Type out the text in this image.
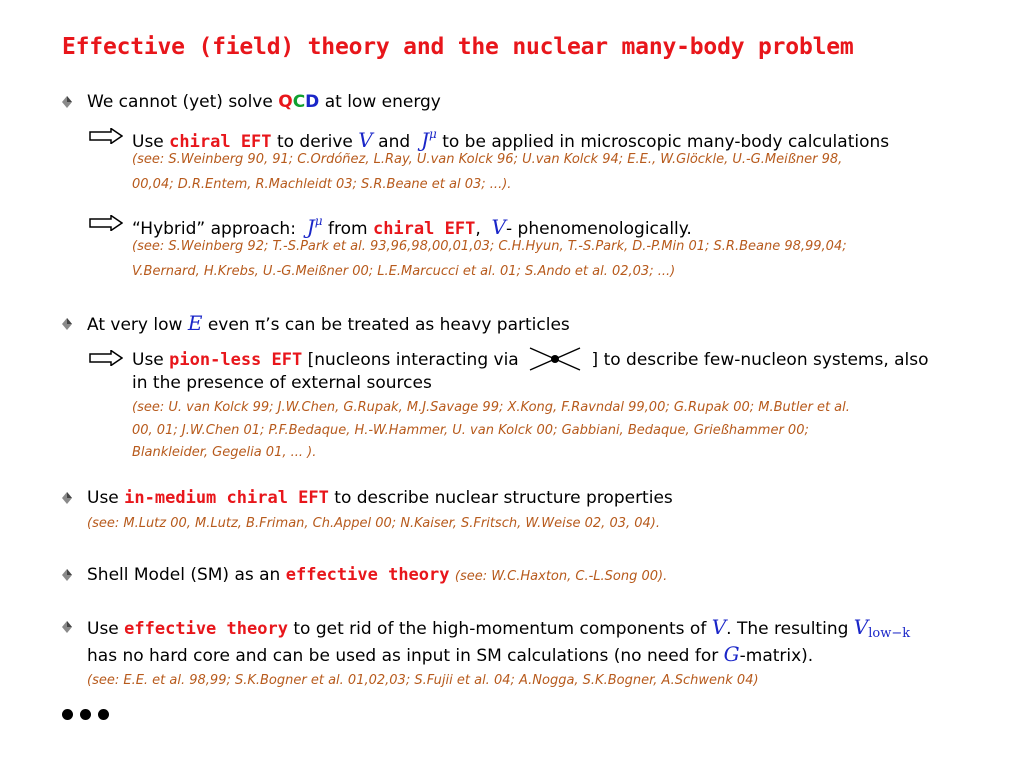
Effective (field) theory and the nuclear many-body problem
We cannot (yet) solve QCD at low energy
Use chiral EFT to derive V and $J^\mu$ to be applied in microscopic many-body calculations
(see: S.Weinberg 90, 91; C.Ordóñez, L.Ray, U.van Kolck 96; U.van Kolck 94; E.E., W.Glöckle, U.-G.Meißner 98,
00,04; D.R.Entem, R.Machleidt 03; S.R.Beane et al 03; ...).
“Hybrid” approach: $J^\mu$ from chiral EFT, V- phenomenologically.
(see: S.Weinberg 92; T.-S.Park et al. 93,96,98,00,01,03; C.H.Hyun, T.-S.Park, D.-P.Min 01; S.R.Beane 98,99,04;
V.Bernard, H.Krebs, U.-G.Meißner 00; L.E.Marcucci et al. 01; S.Ando et al. 02,03; ...)
At very low E even π’s can be treated as heavy particles
Use pion-less EFT [nucleons interacting via	] to describe few-nucleon systems, also
in the presence of external sources
(see: U. van Kolck 99; J.W.Chen, G.Rupak, M.J.Savage 99; X.Kong, F.Ravndal 99,00; G.Rupak 00; M.Butler et al.
00, 01; J.W.Chen 01; P.F.Bedaque, H.-W.Hammer, U. van Kolck 00; Gabbiani, Bedaque, Grießhammer 00;
Blankleider, Gegelia 01, ... ).
Use in-medium chiral EFT to describe nuclear structure properties
(see: M.Lutz 00, M.Lutz, B.Friman, Ch.Appel 00; N.Kaiser, S.Fritsch, W.Weise 02, 03, 04).
Shell Model (SM) as an effective theory (see: W.C.Haxton, C.-L.Song 00).
Use effective theory to get rid of the high-momentum components of V. The resulting $V_{low-k}$
has no hard core and can be used as input in SM calculations (no need for G-matrix).
(see: E.E. et al. 98,99; S.K.Bogner et al. 01,02,03; S.Fujii et al. 04; A.Nogga, S.K.Bogner, A.Schwenk 04)
